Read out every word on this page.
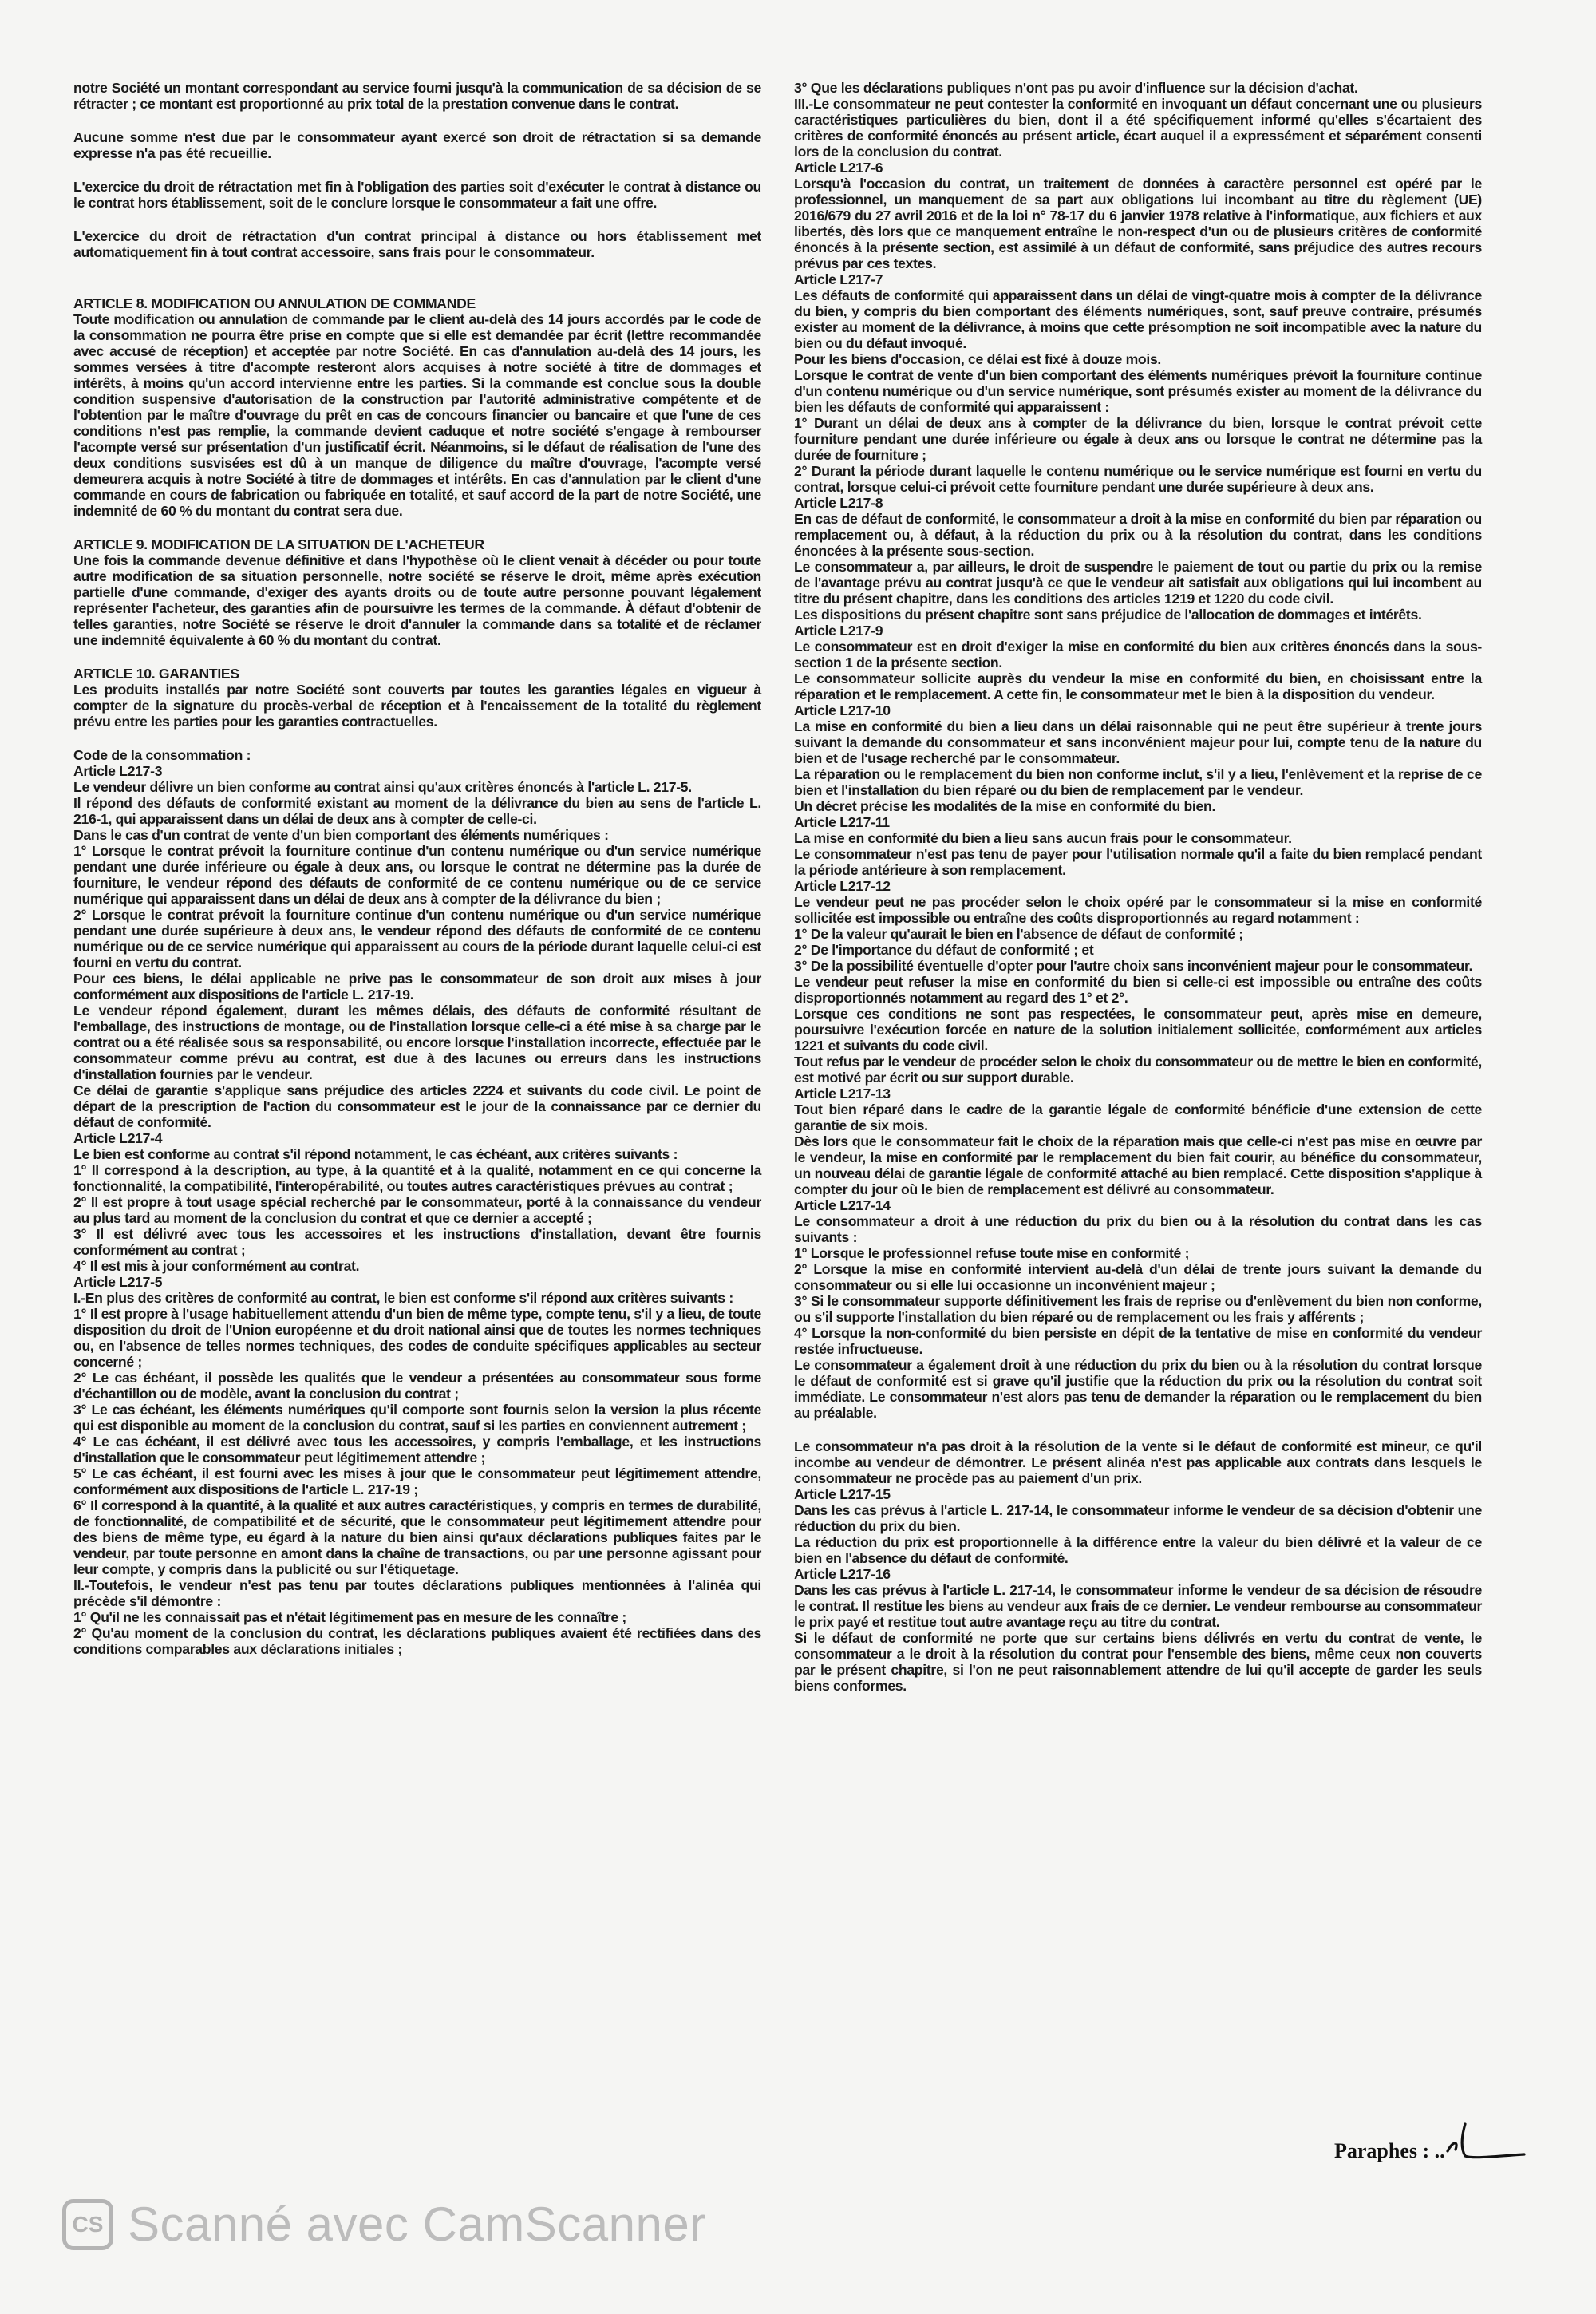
notre Société un montant correspondant au service fourni jusqu'à la communication de sa décision de se rétracter ; ce montant est proportionné au prix total de la prestation convenue dans le contrat.

Aucune somme n'est due par le consommateur ayant exercé son droit de rétractation si sa demande expresse n'a pas été recueillie.

L'exercice du droit de rétractation met fin à l'obligation des parties soit d'exécuter le contrat à distance ou le contrat hors établissement, soit de le conclure lorsque le consommateur a fait une offre.

L'exercice du droit de rétractation d'un contrat principal à distance ou hors établissement met automatiquement fin à tout contrat accessoire, sans frais pour le consommateur.

ARTICLE 8. MODIFICATION OU ANNULATION DE COMMANDE

Toute modification ou annulation de commande par le client au-delà des 14 jours accordés par le code de la consommation ne pourra être prise en compte que si elle est demandée par écrit (lettre recommandée avec accusé de réception) et acceptée par notre Société. En cas d'annulation au-delà des 14 jours, les sommes versées à titre d'acompte resteront alors acquises à notre société à titre de dommages et intérêts, à moins qu'un accord intervienne entre les parties. Si la commande est conclue sous la double condition suspensive d'autorisation de la construction par l'autorité administrative compétente et de l'obtention par le maître d'ouvrage du prêt en cas de concours financier ou bancaire et que l'une de ces conditions n'est pas remplie, la commande devient caduque et notre société s'engage à rembourser l'acompte versé sur présentation d'un justificatif écrit. Néanmoins, si le défaut de réalisation de l'une des deux conditions susvisées est dû à un manque de diligence du maître d'ouvrage, l'acompte versé demeurera acquis à notre Société à titre de dommages et intérêts. En cas d'annulation par le client d'une commande en cours de fabrication ou fabriquée en totalité, et sauf accord de la part de notre Société, une indemnité de 60 % du montant du contrat sera due.

ARTICLE 9. MODIFICATION DE LA SITUATION DE L'ACHETEUR

Une fois la commande devenue définitive et dans l'hypothèse où le client venait à décéder ou pour toute autre modification de sa situation personnelle, notre société se réserve le droit, même après exécution partielle d'une commande, d'exiger des ayants droits ou de toute autre personne pouvant légalement représenter l'acheteur, des garanties afin de poursuivre les termes de la commande. À défaut d'obtenir de telles garanties, notre Société se réserve le droit d'annuler la commande dans sa totalité et de réclamer une indemnité équivalente à 60 % du montant du contrat.

ARTICLE 10. GARANTIES

Les produits installés par notre Société sont couverts par toutes les garanties légales en vigueur à compter de la signature du procès-verbal de réception et à l'encaissement de la totalité du règlement prévu entre les parties pour les garanties contractuelles.

Code de la consommation :

Article L217-3

Le vendeur délivre un bien conforme au contrat ainsi qu'aux critères énoncés à l'article L. 217-5.

Il répond des défauts de conformité existant au moment de la délivrance du bien au sens de l'article L. 216-1, qui apparaissent dans un délai de deux ans à compter de celle-ci.

Dans le cas d'un contrat de vente d'un bien comportant des éléments numériques :

1° Lorsque le contrat prévoit la fourniture continue d'un contenu numérique ou d'un service numérique pendant une durée inférieure ou égale à deux ans, ou lorsque le contrat ne détermine pas la durée de fourniture, le vendeur répond des défauts de conformité de ce contenu numérique ou de ce service numérique qui apparaissent dans un délai de deux ans à compter de la délivrance du bien ;

2° Lorsque le contrat prévoit la fourniture continue d'un contenu numérique ou d'un service numérique pendant une durée supérieure à deux ans, le vendeur répond des défauts de conformité de ce contenu numérique ou de ce service numérique qui apparaissent au cours de la période durant laquelle celui-ci est fourni en vertu du contrat.

Pour ces biens, le délai applicable ne prive pas le consommateur de son droit aux mises à jour conformément aux dispositions de l'article L. 217-19.

Le vendeur répond également, durant les mêmes délais, des défauts de conformité résultant de l'emballage, des instructions de montage, ou de l'installation lorsque celle-ci a été mise à sa charge par le contrat ou a été réalisée sous sa responsabilité, ou encore lorsque l'installation incorrecte, effectuée par le consommateur comme prévu au contrat, est due à des lacunes ou erreurs dans les instructions d'installation fournies par le vendeur.

Ce délai de garantie s'applique sans préjudice des articles 2224 et suivants du code civil. Le point de départ de la prescription de l'action du consommateur est le jour de la connaissance par ce dernier du défaut de conformité.

Article L217-4

Le bien est conforme au contrat s'il répond notamment, le cas échéant, aux critères suivants :

1° Il correspond à la description, au type, à la quantité et à la qualité, notamment en ce qui concerne la fonctionnalité, la compatibilité, l'interopérabilité, ou toutes autres caractéristiques prévues au contrat ;

2° Il est propre à tout usage spécial recherché par le consommateur, porté à la connaissance du vendeur au plus tard au moment de la conclusion du contrat et que ce dernier a accepté ;

3° Il est délivré avec tous les accessoires et les instructions d'installation, devant être fournis conformément au contrat ;

4° Il est mis à jour conformément au contrat.

Article L217-5

I.-En plus des critères de conformité au contrat, le bien est conforme s'il répond aux critères suivants :

1° Il est propre à l'usage habituellement attendu d'un bien de même type, compte tenu, s'il y a lieu, de toute disposition du droit de l'Union européenne et du droit national ainsi que de toutes les normes techniques ou, en l'absence de telles normes techniques, des codes de conduite spécifiques applicables au secteur concerné ;

2° Le cas échéant, il possède les qualités que le vendeur a présentées au consommateur sous forme d'échantillon ou de modèle, avant la conclusion du contrat ;

3° Le cas échéant, les éléments numériques qu'il comporte sont fournis selon la version la plus récente qui est disponible au moment de la conclusion du contrat, sauf si les parties en conviennent autrement ;

4° Le cas échéant, il est délivré avec tous les accessoires, y compris l'emballage, et les instructions d'installation que le consommateur peut légitimement attendre ;

5° Le cas échéant, il est fourni avec les mises à jour que le consommateur peut légitimement attendre, conformément aux dispositions de l'article L. 217-19 ;

6° Il correspond à la quantité, à la qualité et aux autres caractéristiques, y compris en termes de durabilité, de fonctionnalité, de compatibilité et de sécurité, que le consommateur peut légitimement attendre pour des biens de même type, eu égard à la nature du bien ainsi qu'aux déclarations publiques faites par le vendeur, par toute personne en amont dans la chaîne de transactions, ou par une personne agissant pour leur compte, y compris dans la publicité ou sur l'étiquetage.

II.-Toutefois, le vendeur n'est pas tenu par toutes déclarations publiques mentionnées à l'alinéa qui précède s'il démontre :

1° Qu'il ne les connaissait pas et n'était légitimement pas en mesure de les connaître ;

2° Qu'au moment de la conclusion du contrat, les déclarations publiques avaient été rectifiées dans des conditions comparables aux déclarations initiales ;

3° Que les déclarations publiques n'ont pas pu avoir d'influence sur la décision d'achat.

III.-Le consommateur ne peut contester la conformité en invoquant un défaut concernant une ou plusieurs caractéristiques particulières du bien, dont il a été spécifiquement informé qu'elles s'écartaient des critères de conformité énoncés au présent article, écart auquel il a expressément et séparément consenti lors de la conclusion du contrat.

Article L217-6

Lorsqu'à l'occasion du contrat, un traitement de données à caractère personnel est opéré par le professionnel, un manquement de sa part aux obligations lui incombant au titre du règlement (UE) 2016/679 du 27 avril 2016 et de la loi n° 78-17 du 6 janvier 1978 relative à l'informatique, aux fichiers et aux libertés, dès lors que ce manquement entraîne le non-respect d'un ou de plusieurs critères de conformité énoncés à la présente section, est assimilé à un défaut de conformité, sans préjudice des autres recours prévus par ces textes.

Article L217-7

Les défauts de conformité qui apparaissent dans un délai de vingt-quatre mois à compter de la délivrance du bien, y compris du bien comportant des éléments numériques, sont, sauf preuve contraire, présumés exister au moment de la délivrance, à moins que cette présomption ne soit incompatible avec la nature du bien ou du défaut invoqué.

Pour les biens d'occasion, ce délai est fixé à douze mois.

Lorsque le contrat de vente d'un bien comportant des éléments numériques prévoit la fourniture continue d'un contenu numérique ou d'un service numérique, sont présumés exister au moment de la délivrance du bien les défauts de conformité qui apparaissent :

1° Durant un délai de deux ans à compter de la délivrance du bien, lorsque le contrat prévoit cette fourniture pendant une durée inférieure ou égale à deux ans ou lorsque le contrat ne détermine pas la durée de fourniture ;

2° Durant la période durant laquelle le contenu numérique ou le service numérique est fourni en vertu du contrat, lorsque celui-ci prévoit cette fourniture pendant une durée supérieure à deux ans.

Article L217-8

En cas de défaut de conformité, le consommateur a droit à la mise en conformité du bien par réparation ou remplacement ou, à défaut, à la réduction du prix ou à la résolution du contrat, dans les conditions énoncées à la présente sous-section.

Le consommateur a, par ailleurs, le droit de suspendre le paiement de tout ou partie du prix ou la remise de l'avantage prévu au contrat jusqu'à ce que le vendeur ait satisfait aux obligations qui lui incombent au titre du présent chapitre, dans les conditions des articles 1219 et 1220 du code civil.

Les dispositions du présent chapitre sont sans préjudice de l'allocation de dommages et intérêts.

Article L217-9

Le consommateur est en droit d'exiger la mise en conformité du bien aux critères énoncés dans la sous-section 1 de la présente section.

Le consommateur sollicite auprès du vendeur la mise en conformité du bien, en choisissant entre la réparation et le remplacement. A cette fin, le consommateur met le bien à la disposition du vendeur.

Article L217-10

La mise en conformité du bien a lieu dans un délai raisonnable qui ne peut être supérieur à trente jours suivant la demande du consommateur et sans inconvénient majeur pour lui, compte tenu de la nature du bien et de l'usage recherché par le consommateur.

La réparation ou le remplacement du bien non conforme inclut, s'il y a lieu, l'enlèvement et la reprise de ce bien et l'installation du bien réparé ou du bien de remplacement par le vendeur.

Un décret précise les modalités de la mise en conformité du bien.

Article L217-11

La mise en conformité du bien a lieu sans aucun frais pour le consommateur.

Le consommateur n'est pas tenu de payer pour l'utilisation normale qu'il a faite du bien remplacé pendant la période antérieure à son remplacement.

Article L217-12

Le vendeur peut ne pas procéder selon le choix opéré par le consommateur si la mise en conformité sollicitée est impossible ou entraîne des coûts disproportionnés au regard notamment :

1° De la valeur qu'aurait le bien en l'absence de défaut de conformité ;

2° De l'importance du défaut de conformité ; et

3° De la possibilité éventuelle d'opter pour l'autre choix sans inconvénient majeur pour le consommateur.

Le vendeur peut refuser la mise en conformité du bien si celle-ci est impossible ou entraîne des coûts disproportionnés notamment au regard des 1° et 2°.

Lorsque ces conditions ne sont pas respectées, le consommateur peut, après mise en demeure, poursuivre l'exécution forcée en nature de la solution initialement sollicitée, conformément aux articles 1221 et suivants du code civil.

Tout refus par le vendeur de procéder selon le choix du consommateur ou de mettre le bien en conformité, est motivé par écrit ou sur support durable.

Article L217-13

Tout bien réparé dans le cadre de la garantie légale de conformité bénéficie d'une extension de cette garantie de six mois.

Dès lors que le consommateur fait le choix de la réparation mais que celle-ci n'est pas mise en œuvre par le vendeur, la mise en conformité par le remplacement du bien fait courir, au bénéfice du consommateur, un nouveau délai de garantie légale de conformité attaché au bien remplacé. Cette disposition s'applique à compter du jour où le bien de remplacement est délivré au consommateur.

Article L217-14

Le consommateur a droit à une réduction du prix du bien ou à la résolution du contrat dans les cas suivants :

1° Lorsque le professionnel refuse toute mise en conformité ;

2° Lorsque la mise en conformité intervient au-delà d'un délai de trente jours suivant la demande du consommateur ou si elle lui occasionne un inconvénient majeur ;

3° Si le consommateur supporte définitivement les frais de reprise ou d'enlèvement du bien non conforme, ou s'il supporte l'installation du bien réparé ou de remplacement ou les frais y afférents ;

4° Lorsque la non-conformité du bien persiste en dépit de la tentative de mise en conformité du vendeur restée infructueuse.

Le consommateur a également droit à une réduction du prix du bien ou à la résolution du contrat lorsque le défaut de conformité est si grave qu'il justifie que la réduction du prix ou la résolution du contrat soit immédiate. Le consommateur n'est alors pas tenu de demander la réparation ou le remplacement du bien au préalable.

Le consommateur n'a pas droit à la résolution de la vente si le défaut de conformité est mineur, ce qu'il incombe au vendeur de démontrer. Le présent alinéa n'est pas applicable aux contrats dans lesquels le consommateur ne procède pas au paiement d'un prix.

Article L217-15

Dans les cas prévus à l'article L. 217-14, le consommateur informe le vendeur de sa décision d'obtenir une réduction du prix du bien.

La réduction du prix est proportionnelle à la différence entre la valeur du bien délivré et la valeur de ce bien en l'absence du défaut de conformité.

Article L217-16

Dans les cas prévus à l'article L. 217-14, le consommateur informe le vendeur de sa décision de résoudre le contrat. Il restitue les biens au vendeur aux frais de ce dernier. Le vendeur rembourse au consommateur le prix payé et restitue tout autre avantage reçu au titre du contrat.

Si le défaut de conformité ne porte que sur certains biens délivrés en vertu du contrat de vente, le consommateur a le droit à la résolution du contrat pour l'ensemble des biens, même ceux non couverts par le présent chapitre, si l'on ne peut raisonnablement attendre de lui qu'il accepte de garder les seuls biens conformes.

Paraphes : ..
CS Scanné avec CamScanner
